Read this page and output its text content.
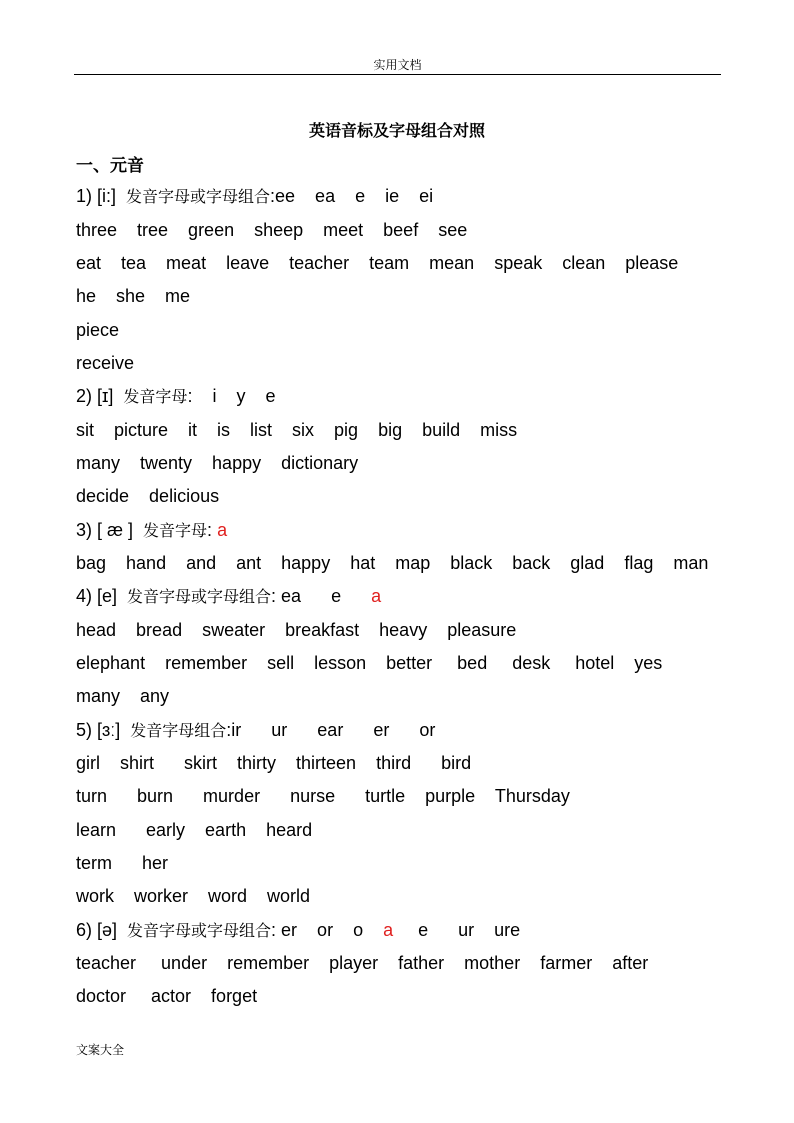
实用文档
英语音标及字母组合对照
一、元音
1) [i:]  发音字母或字母组合:ee    ea    e    ie    ei
three    tree    green    sheep    meet    beef    see
eat    tea    meat    leave    teacher    team    mean    speak    clean    please
he    she    me
piece
receive
2) [ɪ]  发音字母:    i    y    e
sit    picture    it    is    list    six    pig    big    build    miss
many    twenty    happy    dictionary
decide    delicious
3) [ æ ]  发音字母: a
bag    hand    and    ant    happy    hat    map    black    back    glad    flag    man
4) [e]  发音字母或字母组合: ea      e      a
head    bread    sweater    breakfast    heavy    pleasure
elephant    remember    sell    lesson    better     bed     desk     hotel    yes
many    any
5) [ɜː]  发音字母组合:ir      ur      ear      er      or
girl    shirt      skirt    thirty    thirteen    third      bird
turn      burn      murder      nurse      turtle    purple    Thursday
learn      early    earth    heard
term      her
work    worker    word    world
6) [ə]  发音字母或字母组合: er    or    o    a     e      ur    ure
teacher     under    remember    player    father    mother    farmer    after
doctor     actor    forget
文案大全
